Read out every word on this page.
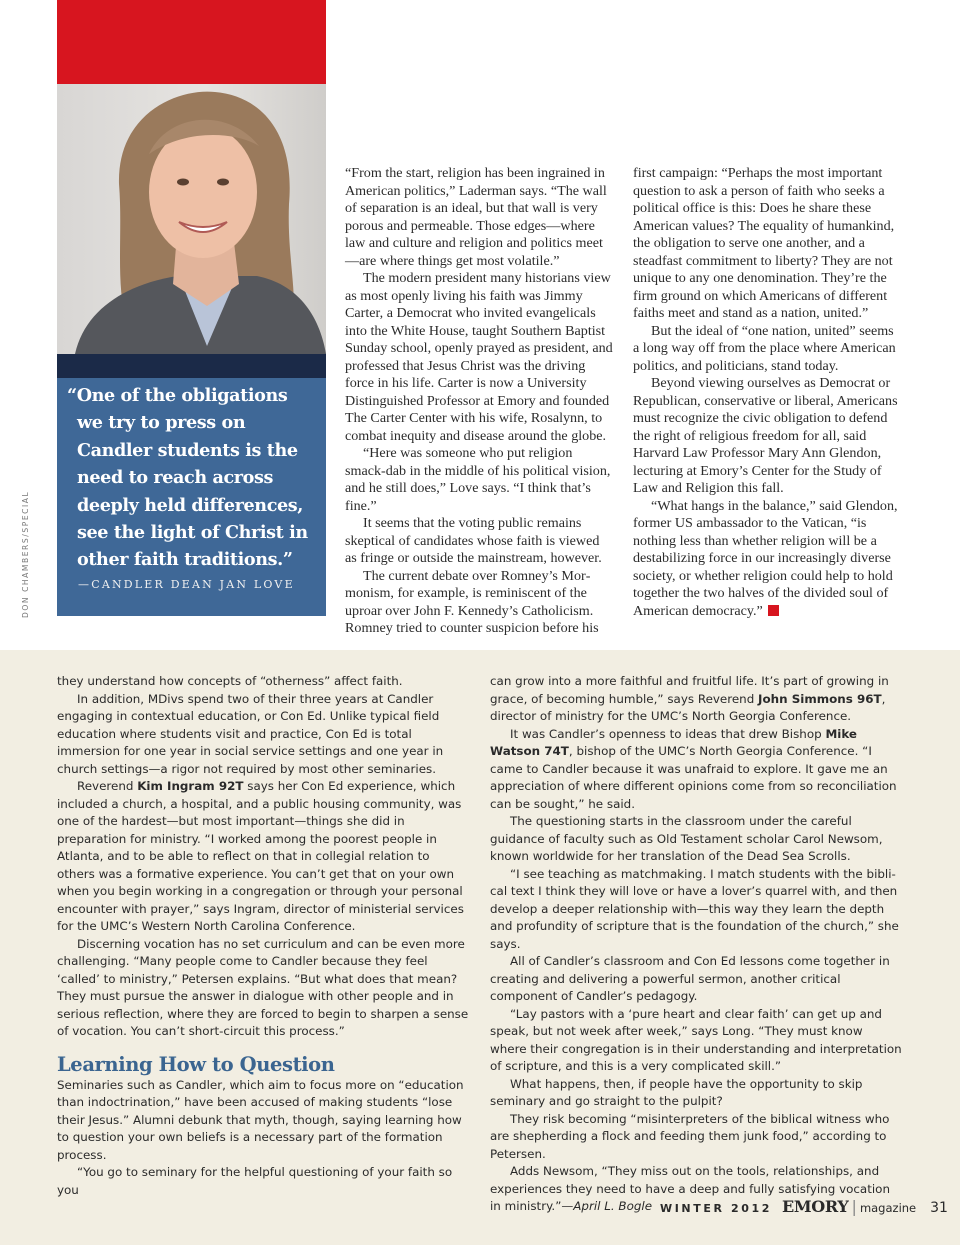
DON CHAMBERS/SPECIAL

“One of the obligations
we try to press on Candler students is the need to reach across deeply held differences, see the light of Christ in other faith traditions.”

—CANDLER DEAN JAN LOVE

“From the start, religion has been ingrained in American politics,” Laderman says. “The wall of separation is an ideal, but that wall is very porous and permeable. Those edges—where law and culture and religion and politics meet—are where things get most volatile.”

The modern president many historians view as most openly living his faith was Jimmy Carter, a Democrat who invited evangelicals into the White House, taught Southern Baptist Sunday school, openly prayed as president, and professed that Jesus Christ was the driving force in his life. Carter is now a University Distinguished Professor at Emory and founded The Carter Center with his wife, Rosalynn, to combat inequity and disease around the globe.

“Here was someone who put religion smack-dab in the middle of his political vision, and he still does,” Love says. “I think that’s fine.”

It seems that the voting public remains skeptical of candidates whose faith is viewed as fringe or outside the mainstream, however.

The current debate over Romney’s Mormonism, for example, is reminiscent of the uproar over John F. Kennedy’s Catholicism. Romney tried to counter suspicion before his

first campaign: “Perhaps the most important question to ask a person of faith who seeks a political office is this: Does he share these American values? The equality of humankind, the obligation to serve one another, and a steadfast commitment to liberty? They are not unique to any one denomination. They’re the firm ground on which Americans of different faiths meet and stand as a nation, united.”

But the ideal of “one nation, united” seems a long way off from the place where American politics, and politicians, stand today.

Beyond viewing ourselves as Democrat or Republican, conservative or liberal, Americans must recognize the civic obligation to defend the right of religious freedom for all, said Harvard Law Professor Mary Ann Glendon, lecturing at Emory’s Center for the Study of Law and Religion this fall.

“What hangs in the balance,” said Glendon, former US ambassador to the Vatican, “is nothing less than whether religion will be a destabilizing force in our increasingly diverse society, or whether religion could help to hold together the two halves of the divided soul of American democracy.”

they understand how concepts of “otherness” affect faith.

In addition, MDivs spend two of their three years at Candler engaging in contextual education, or Con Ed. Unlike typical field education where students visit and practice, Con Ed is total immersion for one year in social service settings and one year in church settings—a rigor not required by most other seminaries.

Reverend Kim Ingram 92T says her Con Ed experience, which included a church, a hospital, and a public housing community, was one of the hardest—but most important—things she did in preparation for ministry. “I worked among the poorest people in Atlanta, and to be able to reflect on that in collegial relation to others was a formative experience. You can’t get that on your own when you begin working in a congregation or through your personal encounter with prayer,” says Ingram, director of ministerial services for the UMC’s Western North Carolina Conference.

Discerning vocation has no set curriculum and can be even more challenging. “Many people come to Candler because they feel ‘called’ to ministry,” Petersen explains. “But what does that mean? They must pursue the answer in dialogue with other people and in serious reflection, where they are forced to begin to sharpen a sense of vocation. You can’t short-circuit this process.”

Learning How to Question

Seminaries such as Candler, which aim to focus more on “education than indoctrination,” have been accused of making students “lose their Jesus.” Alumni debunk that myth, though, saying learning how to question your own beliefs is a necessary part of the formation process.

“You go to seminary for the helpful questioning of your faith so you

can grow into a more faithful and fruitful life. It’s part of growing in grace, of becoming humble,” says Reverend John Simmons 96T, director of ministry for the UMC’s North Georgia Conference.

It was Candler’s openness to ideas that drew Bishop Mike Watson 74T, bishop of the UMC’s North Georgia Conference. “I came to Candler because it was unafraid to explore. It gave me an appreciation of where different opinions come from so reconciliation can be sought,” he said.

The questioning starts in the classroom under the careful guidance of faculty such as Old Testament scholar Carol Newsom, known worldwide for her translation of the Dead Sea Scrolls.

“I see teaching as matchmaking. I match students with the biblical text I think they will love or have a lover’s quarrel with, and then develop a deeper relationship with—this way they learn the depth and profundity of scripture that is the foundation of the church,” she says.

All of Candler’s classroom and Con Ed lessons come together in creating and delivering a powerful sermon, another critical component of Candler’s pedagogy.

“Lay pastors with a ‘pure heart and clear faith’ can get up and speak, but not week after week,” says Long. “They must know where their congregation is in their understanding and interpretation of scripture, and this is a very complicated skill.”

What happens, then, if people have the opportunity to skip seminary and go straight to the pulpit?

They risk becoming “misinterpreters of the biblical witness who are shepherding a flock and feeding them junk food,” according to Petersen.

Adds Newsom, “They miss out on the tools, relationships, and experiences they need to have a deep and fully satisfying vocation in ministry.”—April L. Bogle WINTER 2012 EMORY | magazine 31
